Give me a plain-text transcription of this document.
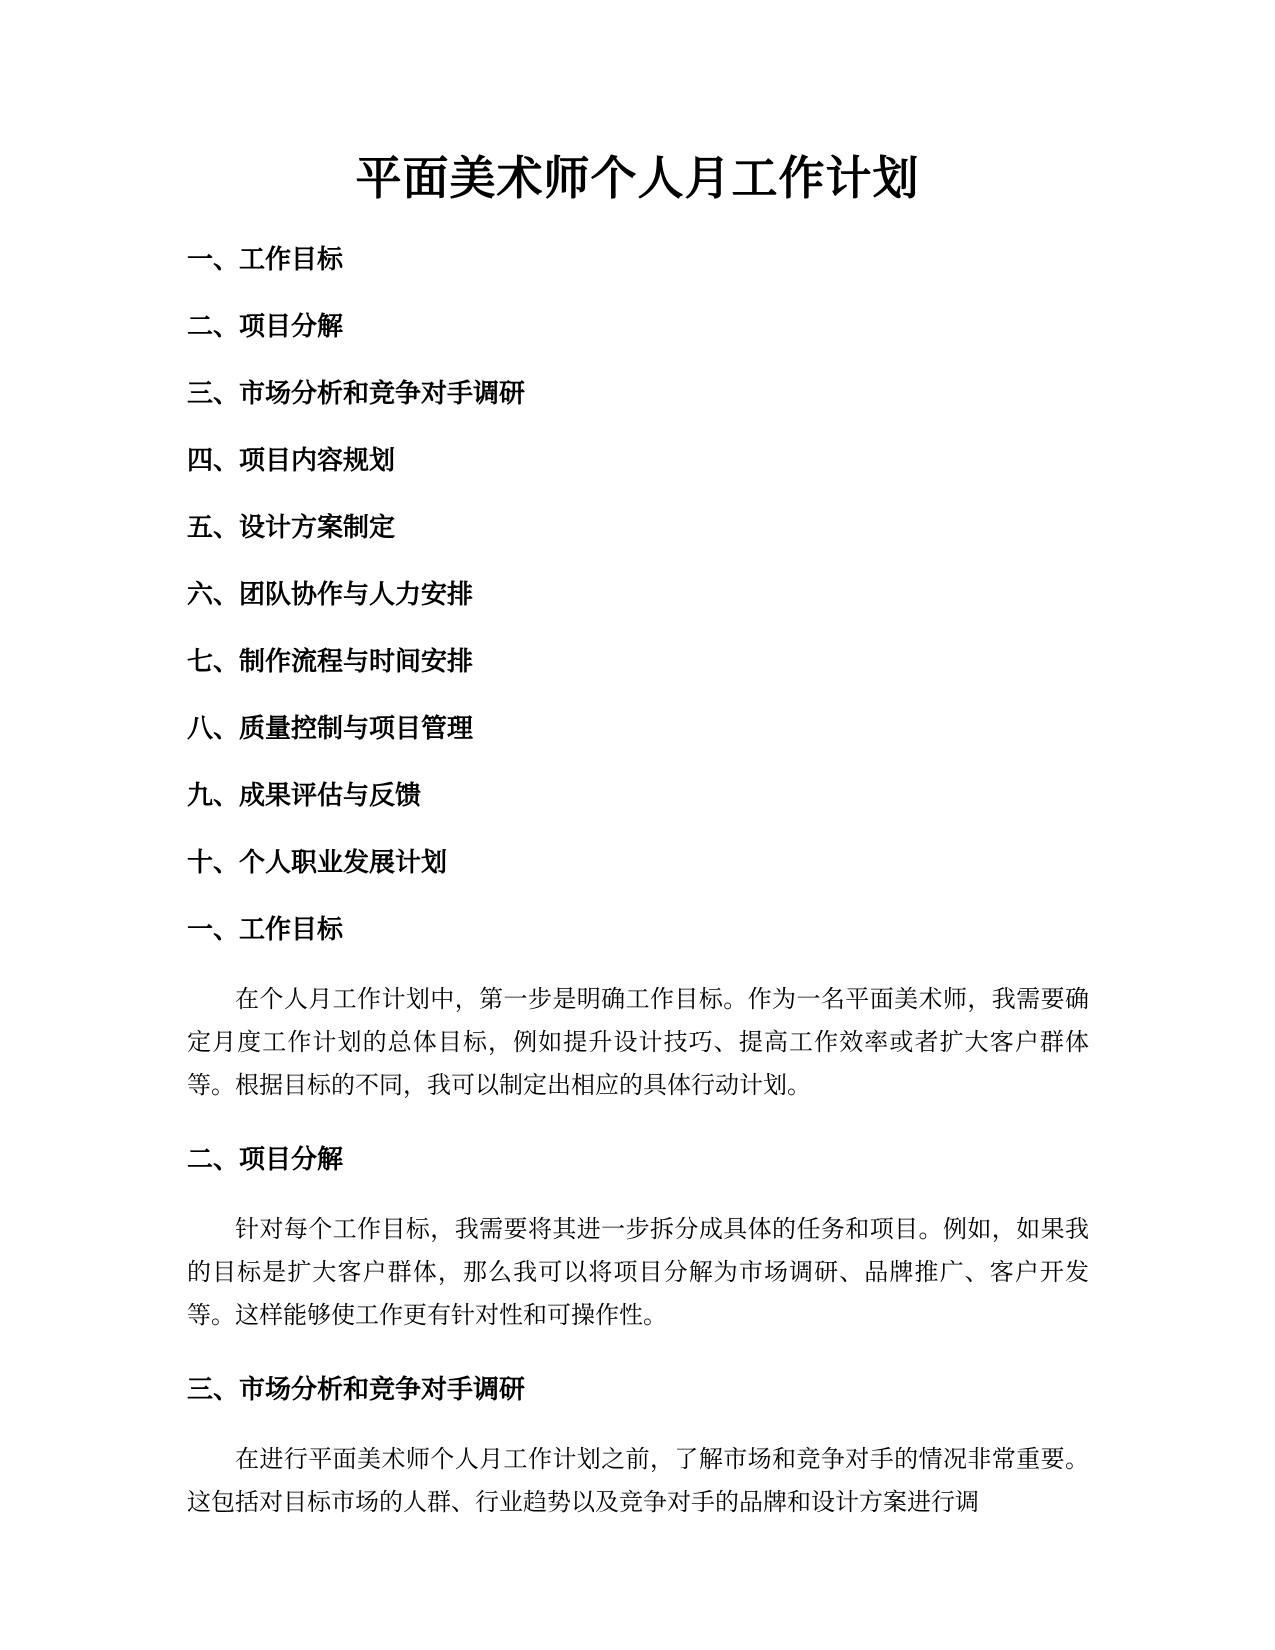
平面美术师个人月工作计划
一、工作目标
二、项目分解
三、市场分析和竞争对手调研
四、项目内容规划
五、设计方案制定
六、团队协作与人力安排
七、制作流程与时间安排
八、质量控制与项目管理
九、成果评估与反馈
十、个人职业发展计划
一、工作目标

在个人月工作计划中，第一步是明确工作目标。作为一名平面美术师，我需要确定月度工作计划的总体目标，例如提升设计技巧、提高工作效率或者扩大客户群体等。根据目标的不同，我可以制定出相应的具体行动计划。

二、项目分解

针对每个工作目标，我需要将其进一步拆分成具体的任务和项目。例如，如果我的目标是扩大客户群体，那么我可以将项目分解为市场调研、品牌推广、客户开发等。这样能够使工作更有针对性和可操作性。

三、市场分析和竞争对手调研

在进行平面美术师个人月工作计划之前，了解市场和竞争对手的情况非常重要。这包括对目标市场的人群、行业趋势以及竞争对手的品牌和设计方案进行调
